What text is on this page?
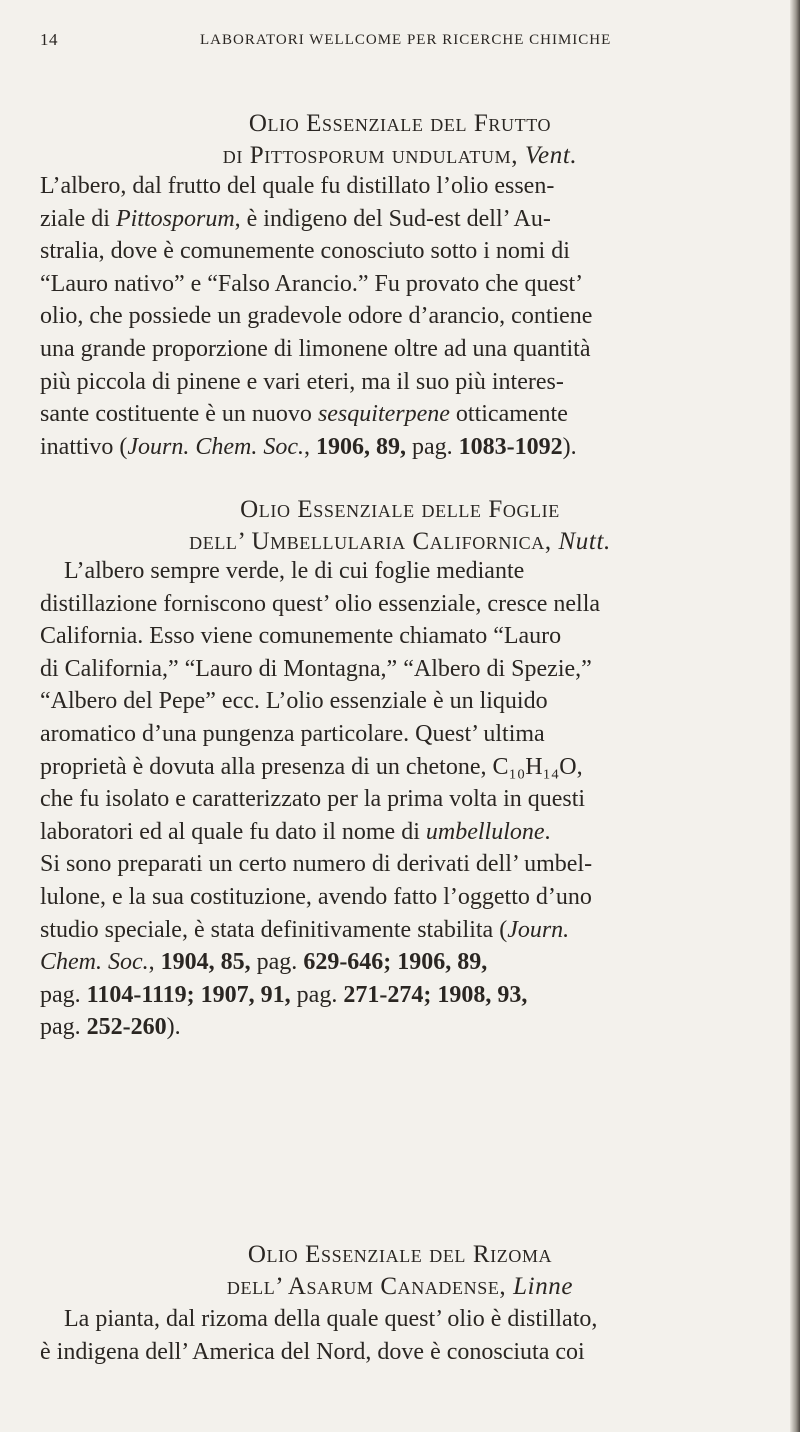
14	LABORATORI WELLCOME PER RICERCHE CHIMICHE
Olio Essenziale del Frutto
di Pittosporum undulatum, Vent.
L’albero, dal frutto del quale fu distillato l’olio essen-
ziale di Pittosporum, è indigeno del Sud-est dell’ Au-
stralia, dove è comunemente conosciuto sotto i nomi di
“Lauro nativo” e “Falso Arancio.” Fu provato che quest’
olio, che possiede un gradevole odore d’arancio, contiene
una grande proporzione di limonene oltre ad una quantità
più piccola di pinene e vari eteri, ma il suo più interes-
sante costituente è un nuovo sesquiterpene otticamente
inattivo (Journ. Chem. Soc., 1906, 89, pag. 1083-1092).
Olio Essenziale delle Foglie
dell’ Umbellularia Californica, Nutt.
L’albero sempre verde, le di cui foglie mediante
distillazione forniscono quest’ olio essenziale, cresce nella
California. Esso viene comunemente chiamato “Lauro
di California,” “Lauro di Montagna,” “Albero di Spezie,”
“Albero del Pepe” ecc. L’olio essenziale è un liquido
aromatico d’una pungenza particolare. Quest’ ultima
proprietà è dovuta alla presenza di un chetone, C₁₀H₁₄O,
che fu isolato e caratterizzato per la prima volta in questi
laboratori ed al quale fu dato il nome di umbellulone.
Si sono preparati un certo numero di derivati dell’ umbel-
lulone, e la sua costituzione, avendo fatto l’oggetto d’uno
studio speciale, è stata definitivamente stabilita (Journ.
Chem. Soc., 1904, 85, pag. 629-646; 1906, 89,
pag. 1104-1119; 1907, 91, pag. 271-274; 1908, 93,
pag. 252-260).
Olio Essenziale del Rizoma
dell’ Asarum Canadense, Linne
La pianta, dal rizoma della quale quest’ olio è distillato,
è indigena dell’ America del Nord, dove è conosciuta coi
